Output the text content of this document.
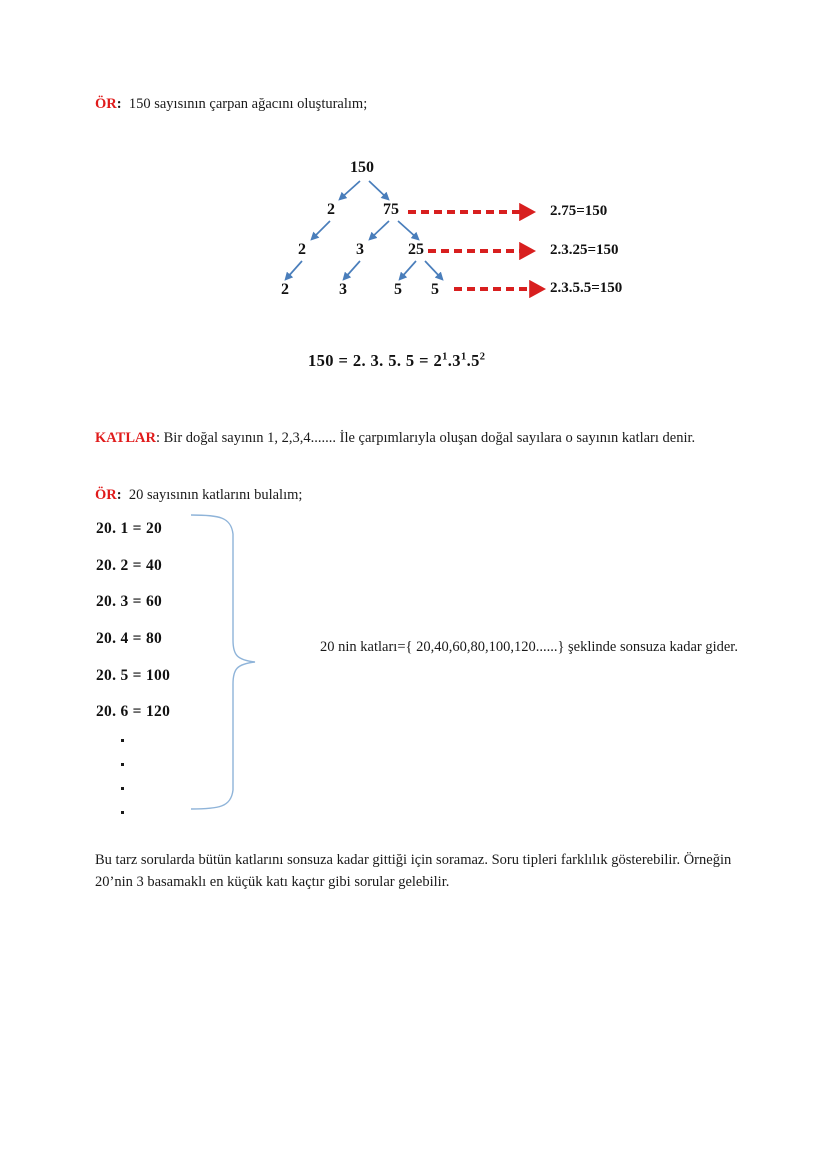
ÖR: 150 sayısının çarpan ağacını oluşturalım;
150
2	75
2	3	25
2	3	5 5
2.75=150
2.3.25=150
2.3.5.5=150
150 = 2. 3. 5. $5 = 2^1.3^1.5^2$
KATLAR: Bir doğal sayının 1, 2,3,4....... İle çarpımlarıyla oluşan doğal sayılara o sayının katları denir.
ÖR: 20 sayısının katlarını bulalım;
20. 1 = 20
20. 2 = 40
20. 3 = 60
20. 4 = 80
20. 5 = 100
20. 6 = 120
20 nin katları={ 20,40,60,80,100,120......} şeklinde sonsuza kadar gider.
Bu tarz sorularda bütün katlarını sonsuza kadar gittiği için soramaz. Soru tipleri farklılık gösterebilir. Örneğin 20’nin 3 basamaklı en küçük katı kaçtır gibi sorular gelebilir.
